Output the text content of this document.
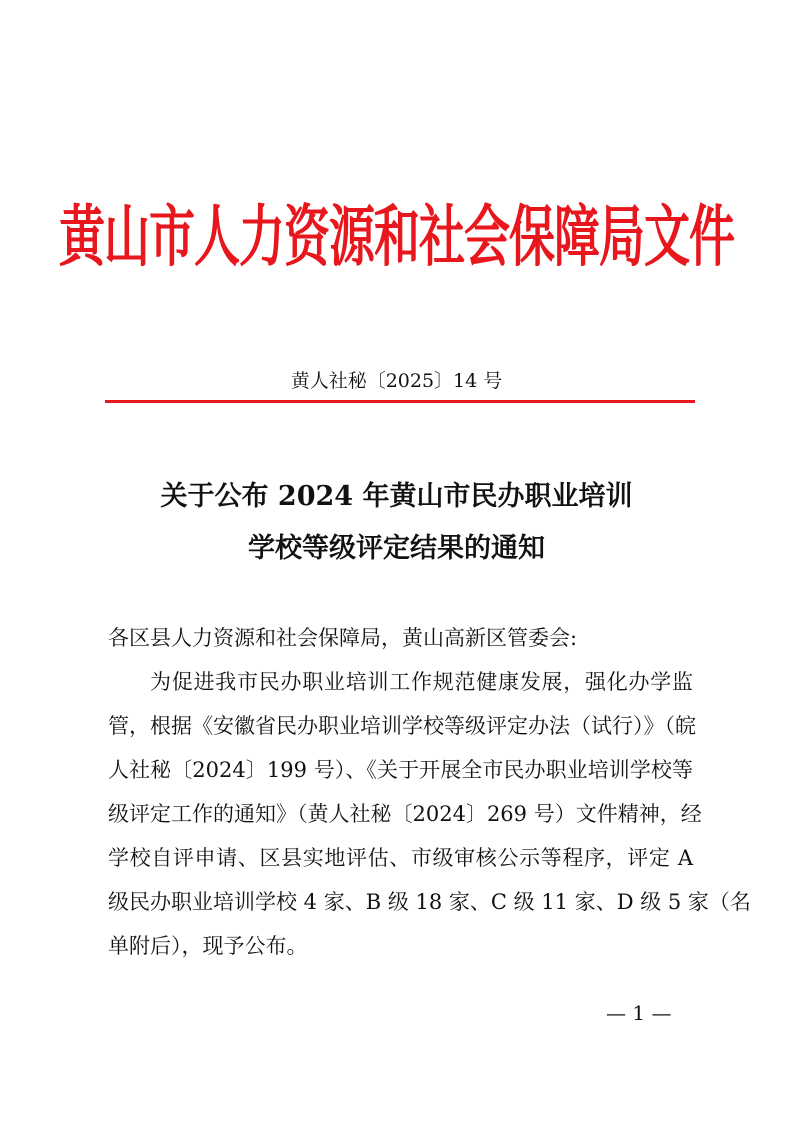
黄山市人力资源和社会保障局文件
黄人社秘〔2025〕14 号
关于公布 2024 年黄山市民办职业培训
学校等级评定结果的通知
各区县人力资源和社会保障局，黄山高新区管委会:
为促进我市民办职业培训工作规范健康发展，强化办学监
管，根据《安徽省民办职业培训学校等级评定办法（试行）》（皖
人社秘〔2024〕199 号）、《关于开展全市民办职业培训学校等
级评定工作的通知》（黄人社秘〔2024〕269 号）文件精神，经
学校自评申请、区县实地评估、市级审核公示等程序，评定 A
级民办职业培训学校 4 家、B 级 18 家、C 级 11 家、D 级 5 家（名
单附后），现予公布。
— 1 —
